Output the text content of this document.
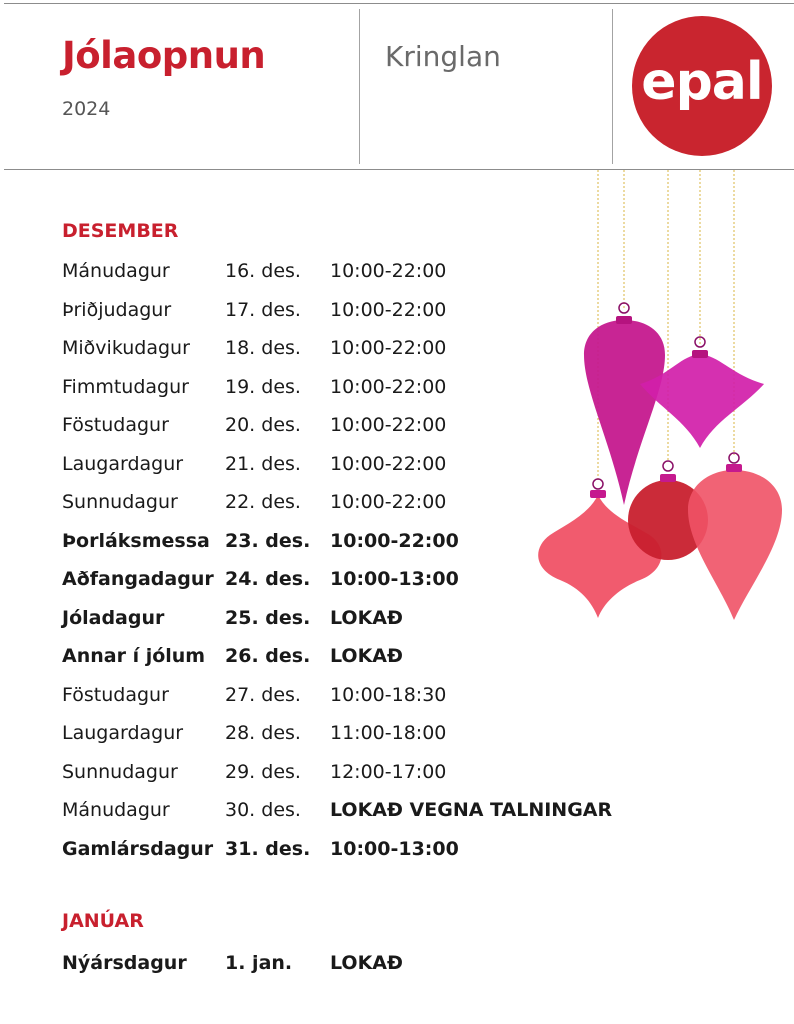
Jólaopnun
2024
Kringlan	epal
DESEMBER
Mánudagur	16. des. 10:00-22:00
Þriðjudagur	17. des. 10:00-22:00
Miðvikudagur 18. des. 10:00-22:00
Fimmtudagur 19. des. 10:00-22:00
Föstudagur	20. des. 10:00-22:00
Laugardagur 21. des. 10:00-22:00
Sunnudagur 22. des. 10:00-22:00
Þorláksmessa 23. des. 10:00-22:00
Aðfangadagur 24. des. 10:00-13:00
Jóladagur	25. des. LOKAÐ
Annar í jólum 26. des. LOKAÐ
Föstudagur	27. des. 10:00-18:30
Laugardagur 28. des. 11:00-18:00
Sunnudagur 29. des. 12:00-17:00
Mánudagur	30. des. LOKAÐ VEGNA TALNINGAR
Gamlársdagur 31. des. 10:00-13:00
JANÚAR
Nýársdagur 1. jan. LOKAÐ
